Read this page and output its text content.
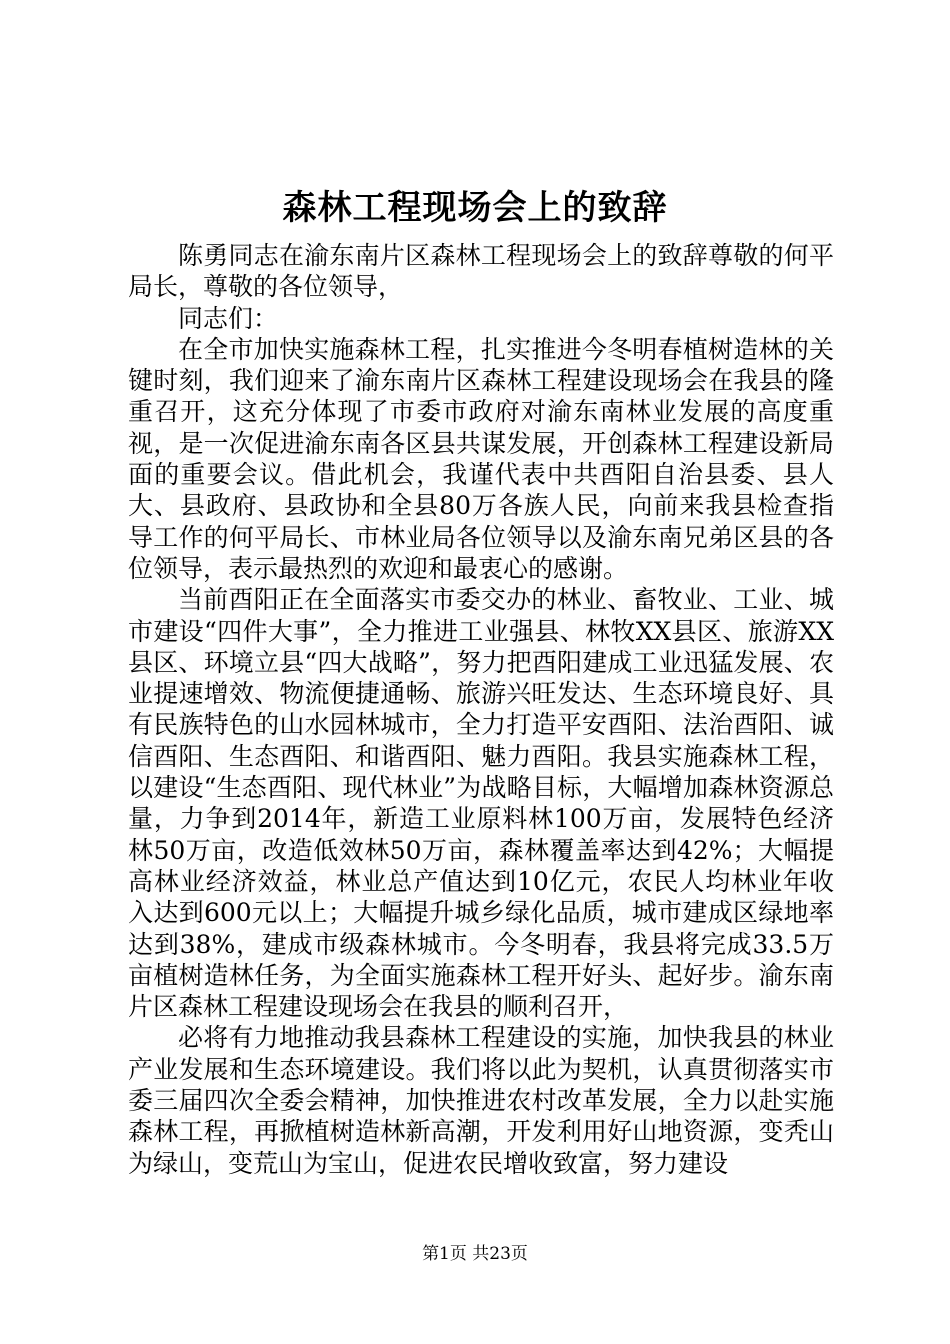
森林工程现场会上的致辞

陈勇同志在渝东南片区森林工程现场会上的致辞尊敬的何平局长，尊敬的各位领导，

同志们：

在全市加快实施森林工程，扎实推进今冬明春植树造林的关键时刻，我们迎来了渝东南片区森林工程建设现场会在我县的隆重召开，这充分体现了市委市政府对渝东南林业发展的高度重视，是一次促进渝东南各区县共谋发展，开创森林工程建设新局面的重要会议。借此机会，我谨代表中共酉阳自治县委、县人大、县政府、县政协和全县80万各族人民，向前来我县检查指导工作的何平局长、市林业局各位领导以及渝东南兄弟区县的各位领导，表示最热烈的欢迎和最衷心的感谢。

当前酉阳正在全面落实市委交办的林业、畜牧业、工业、城市建设“四件大事”，全力推进工业强县、林牧XX县区、旅游XX县区、环境立县“四大战略”，努力把酉阳建成工业迅猛发展、农业提速增效、物流便捷通畅、旅游兴旺发达、生态环境良好、具有民族特色的山水园林城市，全力打造平安酉阳、法治酉阳、诚信酉阳、生态酉阳、和谐酉阳、魅力酉阳。我县实施森林工程，以建设“生态酉阳、现代林业”为战略目标，大幅增加森林资源总量，力争到2014年，新造工业原料林100万亩，发展特色经济林50万亩，改造低效林50万亩，森林覆盖率达到42%；大幅提高林业经济效益，林业总产值达到10亿元，农民人均林业年收入达到600元以上；大幅提升城乡绿化品质，城市建成区绿地率达到38%，建成市级森林城市。今冬明春，我县将完成33.5万亩植树造林任务，为全面实施森林工程开好头、起好步。渝东南片区森林工程建设现场会在我县的顺利召开，

必将有力地推动我县森林工程建设的实施，加快我县的林业产业发展和生态环境建设。我们将以此为契机，认真贯彻落实市委三届四次全委会精神，加快推进农村改革发展，全力以赴实施森林工程，再掀植树造林新高潮，开发利用好山地资源，变秃山为绿山，变荒山为宝山，促进农民增收致富，努力建设

第1页 共23页
